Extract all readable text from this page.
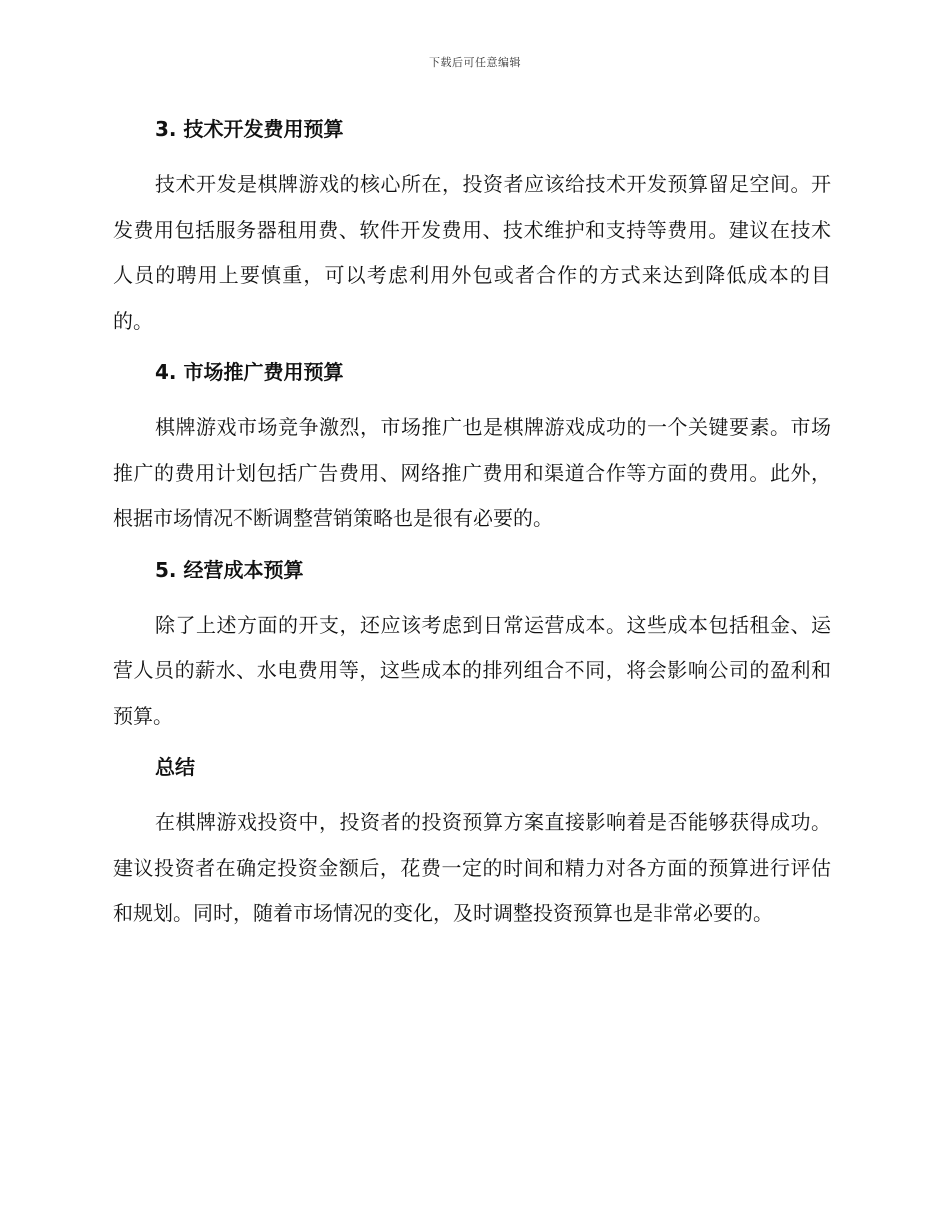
下载后可任意编辑
3. 技术开发费用预算

技术开发是棋牌游戏的核心所在，投资者应该给技术开发预算留足空间。开发费用包括服务器租用费、软件开发费用、技术维护和支持等费用。建议在技术人员的聘用上要慎重，可以考虑利用外包或者合作的方式来达到降低成本的目的。

4. 市场推广费用预算

棋牌游戏市场竞争激烈，市场推广也是棋牌游戏成功的一个关键要素。市场推广的费用计划包括广告费用、网络推广费用和渠道合作等方面的费用。此外，根据市场情况不断调整营销策略也是很有必要的。

5. 经营成本预算

除了上述方面的开支，还应该考虑到日常运营成本。这些成本包括租金、运营人员的薪水、水电费用等，这些成本的排列组合不同，将会影响公司的盈利和预算。

总结

在棋牌游戏投资中，投资者的投资预算方案直接影响着是否能够获得成功。建议投资者在确定投资金额后，花费一定的时间和精力对各方面的预算进行评估和规划。同时，随着市场情况的变化，及时调整投资预算也是非常必要的。
